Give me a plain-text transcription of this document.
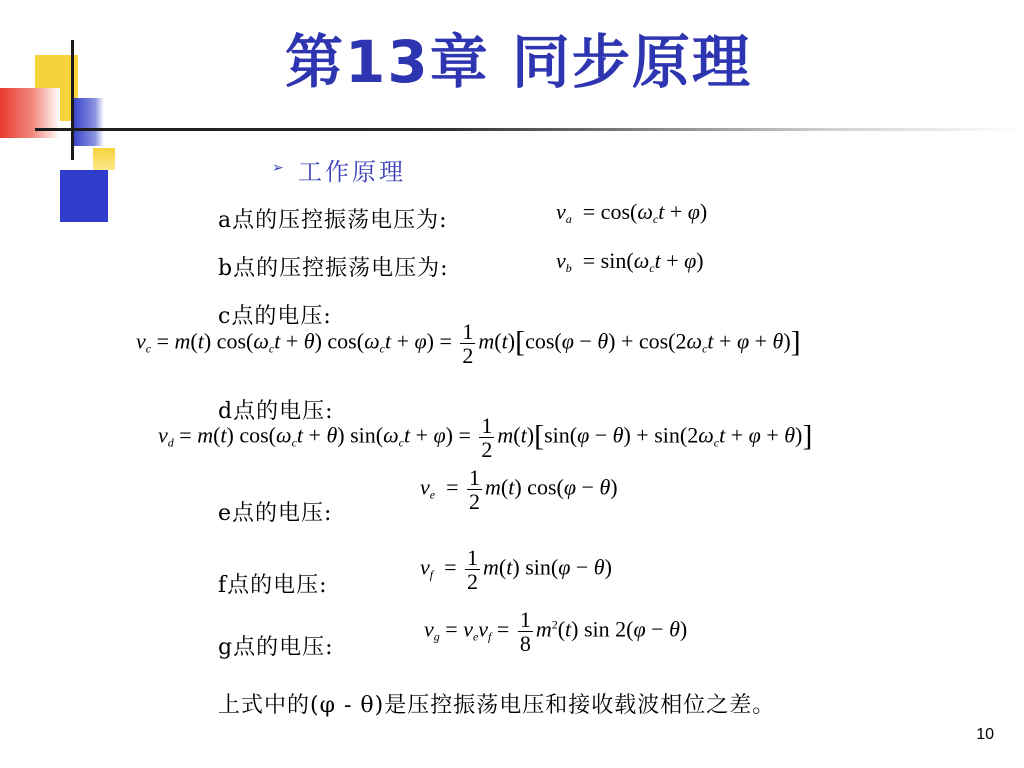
第13章 同步原理
➢ 工作原理
a点的压控振荡电压为:	$v_a = \cos(\omega_ct + \varphi)$
b点的压控振荡电压为:	$v_b = \sin(\omega_ct + \varphi)$
c点的电压:
$v_c = m(t) \cos(\omega_ct + \theta) \cos(\omega_ct + \varphi) = \frac{1}{2} m(t)[\cos(\varphi - \theta) + \cos(2\omega_ct + \varphi + \theta)]$
d点的电压:
$v_d = m(t) \cos(\omega_ct + \theta) \sin(\omega_ct + \varphi) = \frac{1}{2} m(t)[\sin(\varphi - \theta) + \sin(2\omega_ct + \varphi + \theta)]$
e点的电压:
$v_e = \frac{1}{2} m(t) \cos(\varphi - \theta)$
f点的电压:
$v_f = \frac{1}{2} m(t) \sin(\varphi - \theta)$
g点的电压:
$v_g = v_ev_f = \frac{1}{8} m^2(t)$ sin 2(φ − θ)
上式中的(φ - θ)是压控振荡电压和接收载波相位之差。
10
